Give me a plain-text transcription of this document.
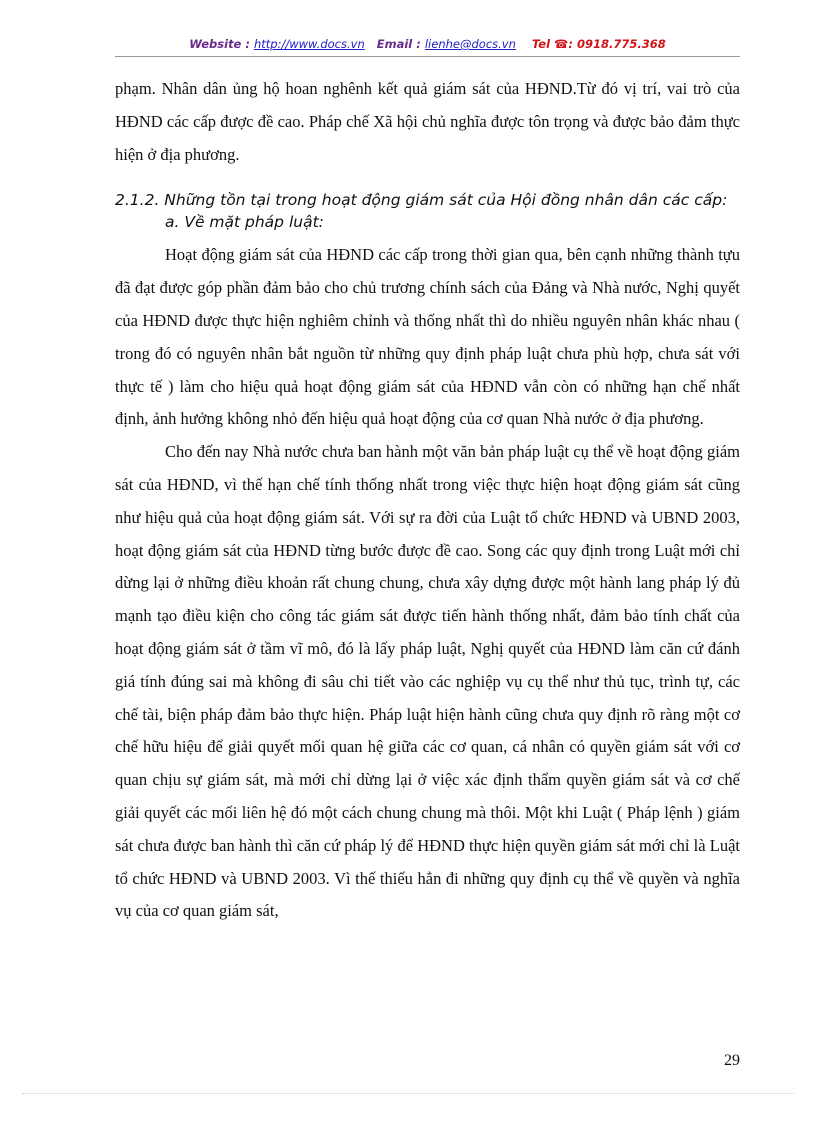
Website : http://www.docs.vn Email : lienhe@docs.vn Tel ☎: 0918.775.368

phạm. Nhân dân ủng hộ hoan nghênh kết quả giám sát của HĐND.Từ đó vị trí, vai trò của HĐND các cấp được đề cao. Pháp chế Xã hội chủ nghĩa được tôn trọng và được bảo đảm thực hiện ở địa phương.

2.1.2. Những tồn tại trong hoạt động giám sát của Hội đồng nhân dân các cấp:

a. Về mặt pháp luật:

Hoạt động giám sát của HĐND các cấp trong thời gian qua, bên cạnh những thành tựu đã đạt được góp phần đảm bảo cho chủ trương chính sách của Đảng và Nhà nước, Nghị quyết của HĐND được thực hiện nghiêm chỉnh và thống nhất thì do nhiều nguyên nhân khác nhau ( trong đó có nguyên nhân bắt nguồn từ những quy định pháp luật chưa phù hợp, chưa sát với thực tế ) làm cho hiệu quả hoạt động giám sát của HĐND vẫn còn có những hạn chế nhất định, ảnh hưởng không nhỏ đến hiệu quả hoạt động của cơ quan Nhà nước ở địa phương.

Cho đến nay Nhà nước chưa ban hành một văn bản pháp luật cụ thể về hoạt động giám sát của HĐND, vì thế hạn chế tính thống nhất trong việc thực hiện hoạt động giám sát cũng như hiệu quả của hoạt động giám sát. Với sự ra đời của Luật tổ chức HĐND và UBND 2003, hoạt động giám sát của HĐND từng bước được đề cao. Song các quy định trong Luật mới chỉ dừng lại ở những điều khoản rất chung chung, chưa xây dựng được một hành lang pháp lý đủ mạnh tạo điều kiện cho công tác giám sát được tiến hành thống nhất, đảm bảo tính chất của hoạt động giám sát ở tầm vĩ mô, đó là lấy pháp luật, Nghị quyết của HĐND làm căn cứ đánh giá tính đúng sai mà không đi sâu chi tiết vào các nghiệp vụ cụ thể như thủ tục, trình tự, các chế tài, biện pháp đảm bảo thực hiện. Pháp luật hiện hành cũng chưa quy định rõ ràng một cơ chế hữu hiệu để giải quyết mối quan hệ giữa các cơ quan, cá nhân có quyền giám sát với cơ quan chịu sự giám sát, mà mới chỉ dừng lại ở việc xác định thẩm quyền giám sát và cơ chế giải quyết các mối liên hệ đó một cách chung chung mà thôi. Một khi Luật ( Pháp lệnh ) giám sát chưa được ban hành thì căn cứ pháp lý để HĐND thực hiện quyền giám sát mới chỉ là Luật tổ chức HĐND và UBND 2003. Vì thế thiếu hẳn đi những quy định cụ thể về quyền và nghĩa vụ của cơ quan giám sát,

29
